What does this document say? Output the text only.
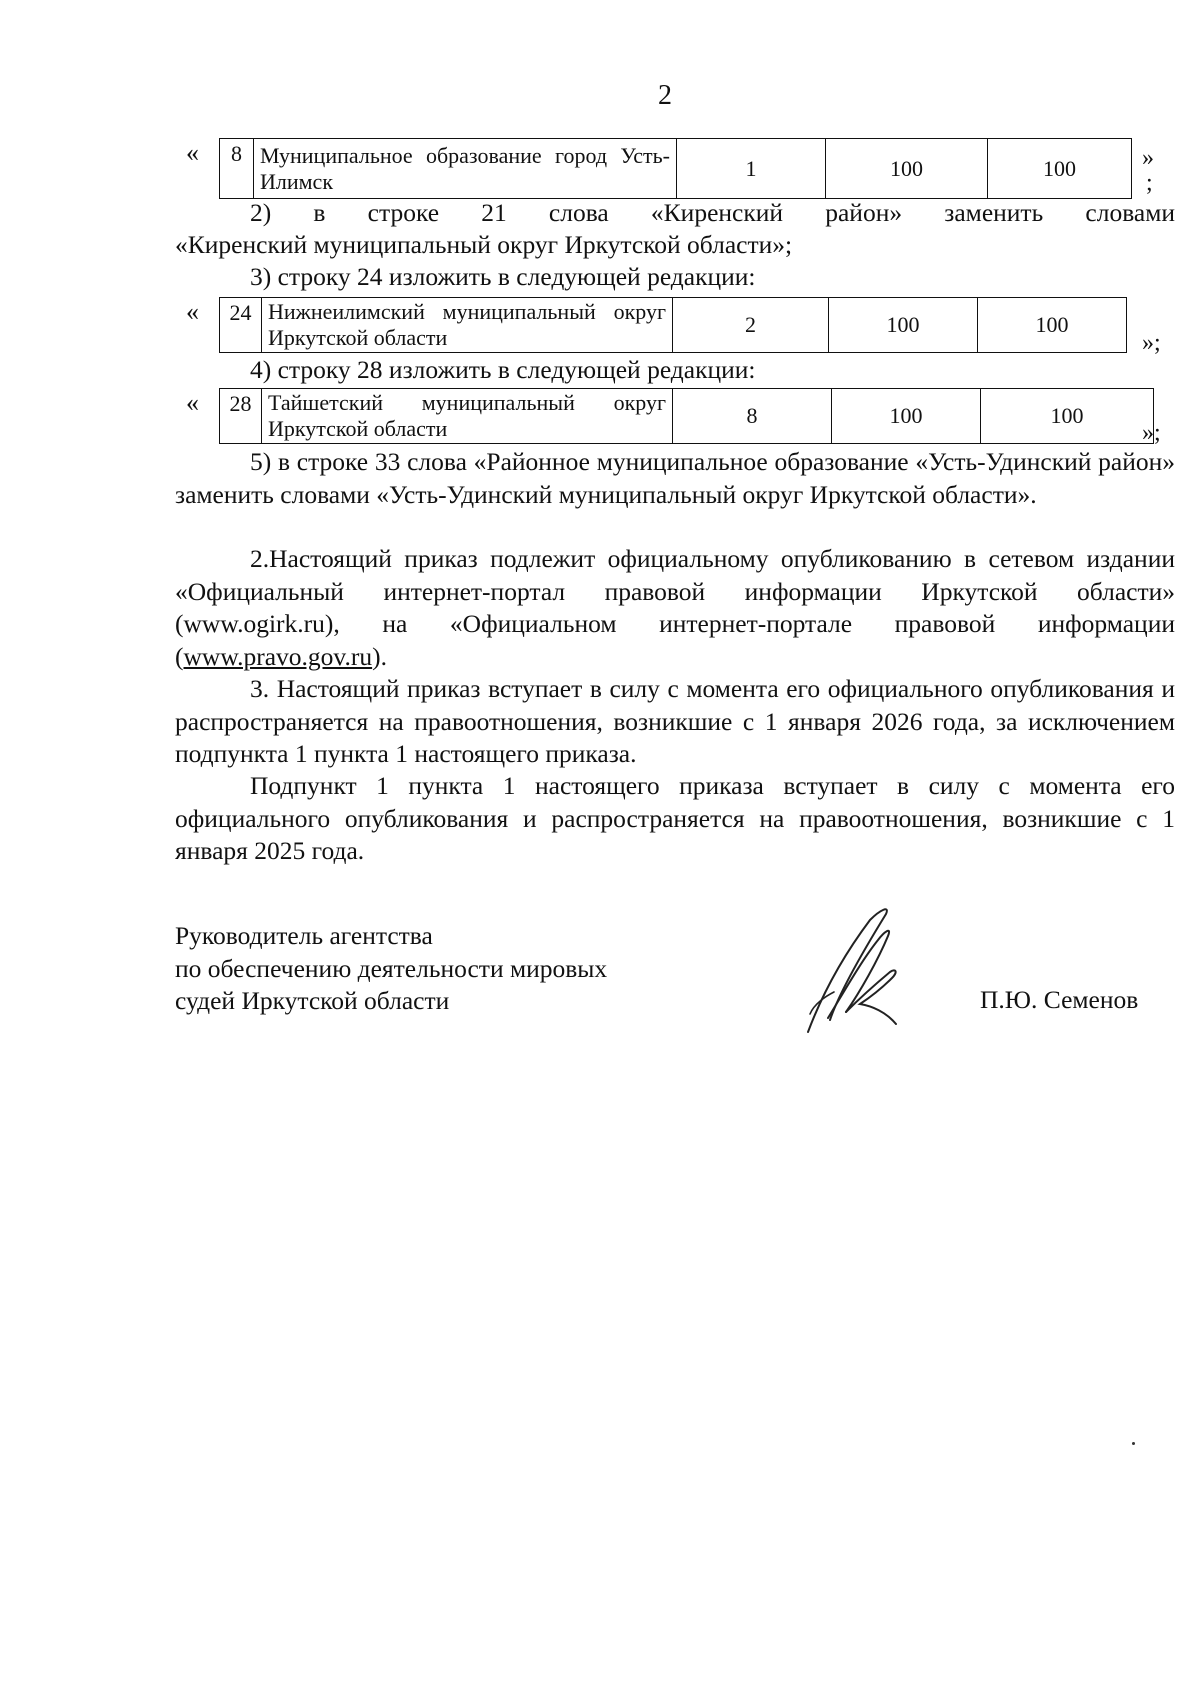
2
« 8	Муниципальное образование город Усть-Илимск	1	100	100	»
;
2) в строке 21 слова «Киренский район» заменить словами
«Киренский муниципальный округ Иркутской области»;
3) строку 24 изложить в следующей редакции:
« 24	Нижнеилимский муниципальный округ Иркутской области	2	100	100
»;
4) строку 28 изложить в следующей редакции:
« 28	Тайшетский муниципальный округ Иркутской области	8	100	100
»;
5) в строке 33 слова «Районное муниципальное образование «Усть-Удинский район» заменить словами «Усть-Удинский муниципальный округ Иркутской области».
2.Настоящий приказ подлежит официальному опубликованию в сетевом издании «Официальный интернет-портал правовой информации Иркутской области» (www.ogirk.ru), на «Официальном интернет-портале правовой информации (www.pravo.gov.ru).
3. Настоящий приказ вступает в силу с момента его официального опубликования и распространяется на правоотношения, возникшие с 1 января 2026 года, за исключением подпункта 1 пункта 1 настоящего приказа.
Подпункт 1 пункта 1 настоящего приказа вступает в силу с момента его официального опубликования и распространяется на правоотношения, возникшие с 1 января 2025 года.
Руководитель агентства
по обеспечению деятельности мировых
судей Иркутской области	П.Ю. Семенов
